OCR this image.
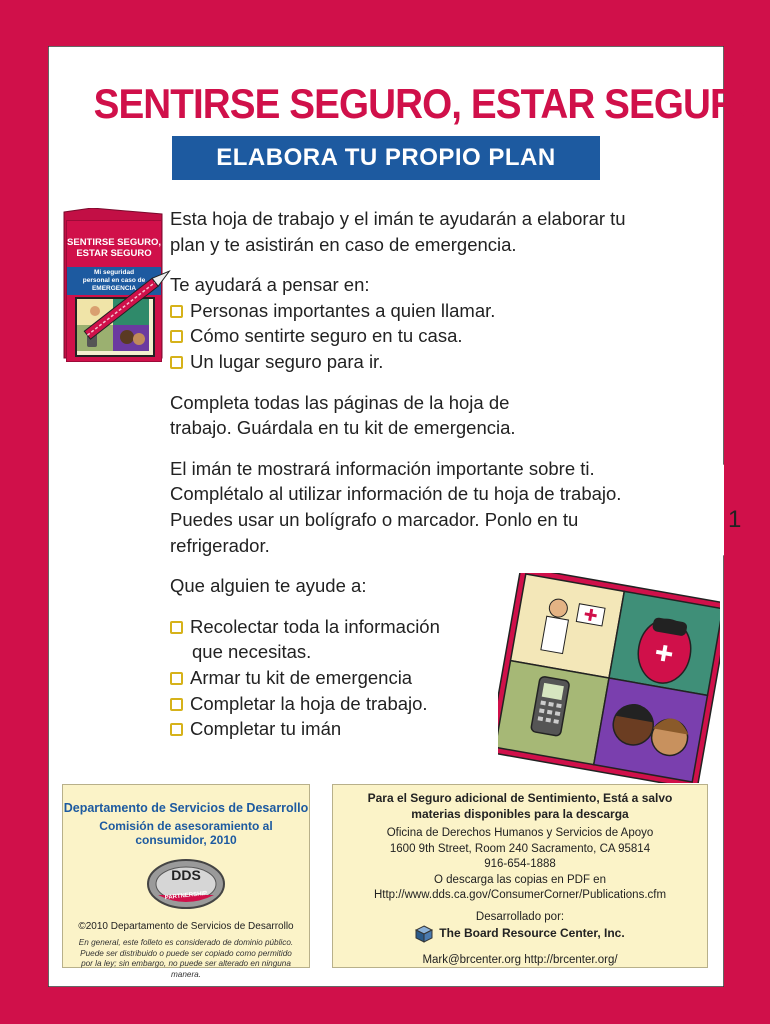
SENTIRSE SEGURO, ESTAR SEGURO
ELABORA TU PROPIO PLAN
SENTIRSE SEGURO,
ESTAR SEGURO
Mi seguridad
personal en caso de
EMERGENCIA

Esta hoja de trabajo y el imán te ayudarán a elaborar tu plan y te asistirán en caso de emergencia.

Te ayudará a pensar en:
Personas importantes a quien llamar.
Cómo sentirte seguro en tu casa.
Un lugar seguro para ir.

Completa todas las páginas de la hoja de trabajo. Guárdala en tu kit de emergencia.

El imán te mostrará información importante sobre ti. Complétalo al utilizar información de tu hoja de trabajo. Puedes usar un bolígrafo o marcador. Ponlo en tu refrigerador.

Que alguien te ayude a:

Recolectar toda la información
que necesitas.
Armar tu kit de emergencia
Completar la hoja de trabajo.
Completar tu imán
1
Departamento de Servicios de Desarrollo
Comisión de asesoramiento al consumidor, 2010
DDS
PARTNERSHIP
©2010 Departamento de Servicios de Desarrollo
En general, este folleto es considerado de dominio público.
Puede ser distribuido o puede ser copiado como permitido
por la ley; sin embargo, no puede ser alterado en ninguna manera.
Para el Seguro adicional de Sentimiento, Está a salvo
materias disponibles para la descarga
Oficina de Derechos Humanos y Servicios de Apoyo
1600 9th Street, Room 240 Sacramento, CA 95814
916-654-1888
O descarga las copias en PDF en
Http://www.dds.ca.gov/ConsumerCorner/Publications.cfm
Desarrollado por:
The Board Resource Center, Inc.
Mark@brcenter.org http://brcenter.org/
